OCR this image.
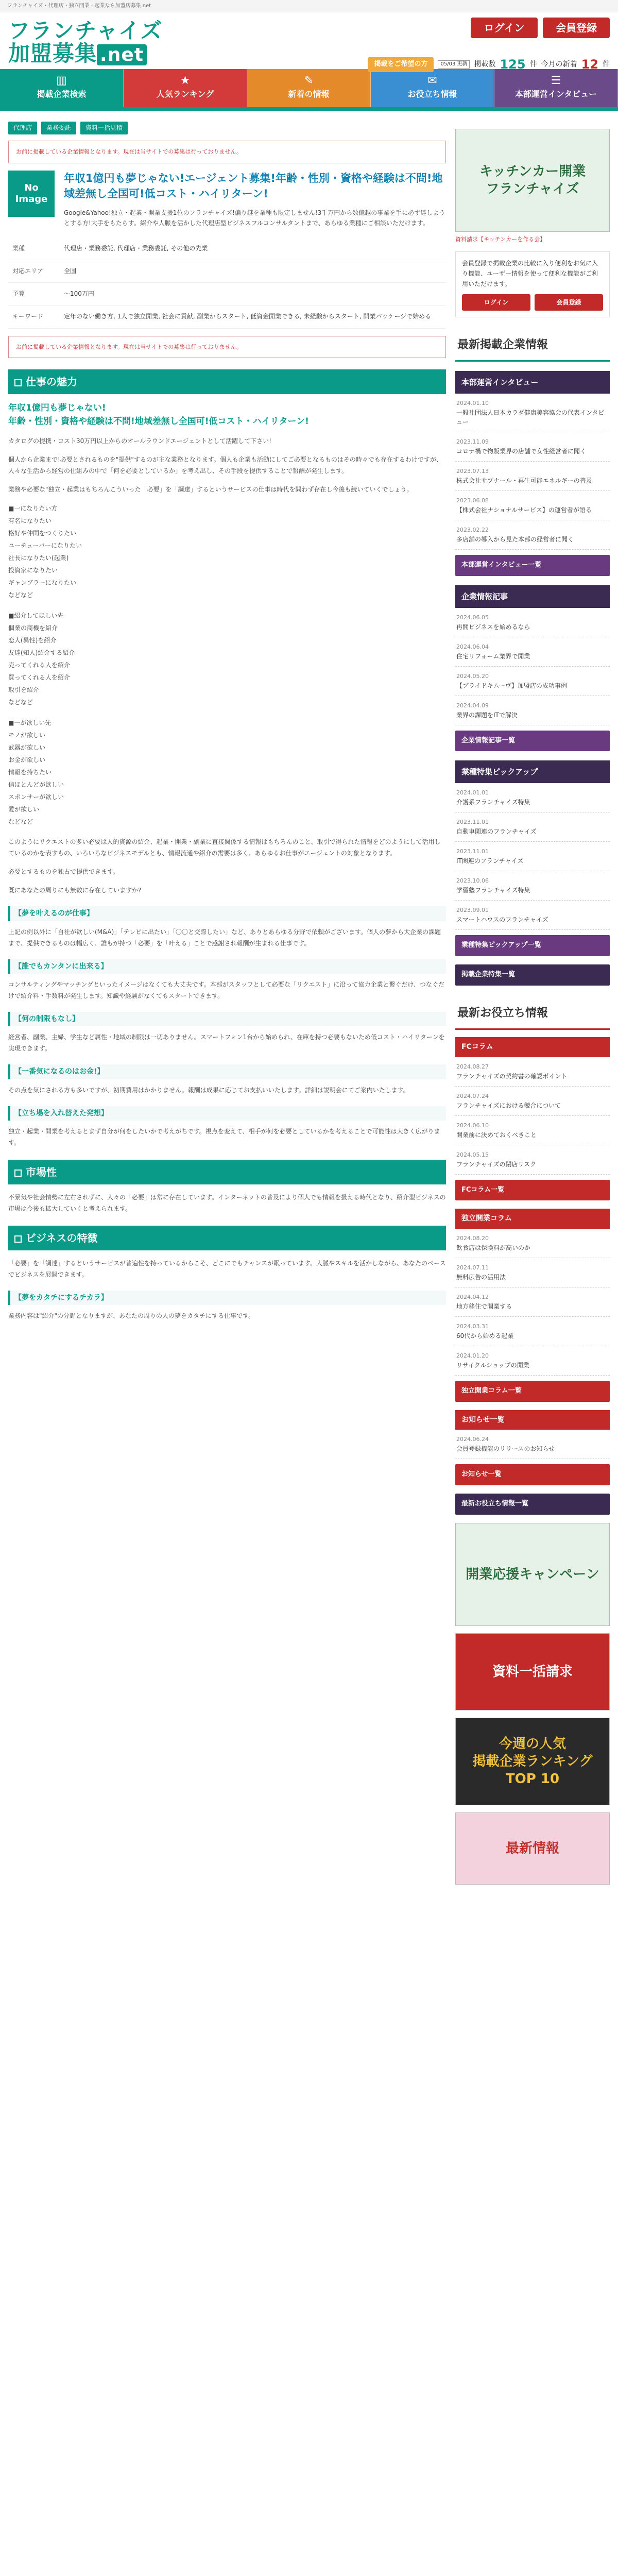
フランチャイズ・代理店・独立開業・起業なら加盟店募集.net
フランチャイズ
加盟募集 .net
ログイン	会員登録
掲載をご希望の方	05/03 更新 掲載数 125 件 今月の新着 12 件
▥
掲載企業検索
★
人気ランキング
✎
新着の情報
✉
お役立ち情報
☰
本部運営インタビュー
代理店	業務委託	資料一括見積
お前に掲載している企業情報となります。現在は当サイトでの募集は行っておりません。
No Image
年収1億円も夢じゃない!エージェント募集!年齢・性別・資格や経験は不問!地域差無し全国可!低コスト・ハイリターン!

Google&Yahoo!独立・起業・開業支援1位のフランチャイズ!偏り謎を業種も限定しません!3千万円から数億越の事業を手に必ず達しようとする方!大手をもたらす。紹介や人脈を活かした代理店型ビジネスフルコンサルタントまで、あらゆる業種にご相談いただけます。

業種	代理店・業務委託, 代理店・業務委託, その他の先業
対応エリア	全国
予算	〜100万円
キーワード	定年のない働き方, 1人で独立開業, 社会に貢献, 副業からスタート, 低資金開業できる, 未経験からスタート, 開業パッケージで始める
お前に掲載している企業情報となります。現在は当サイトでの募集は行っておりません。
仕事の魅力
年収1億円も夢じゃない!
年齢・性別・資格や経験は不問!地域差無し全国可!低コスト・ハイリターン!

カタログの提携・コスト30万円以上からのオールラウンドエージェントとして活躍して下さい!

個人から企業まで!必要とされるものを"提供"するのが主な業務となります。個人も企業も活動にしてご必要となるものはその時々でも存在するわけですが、人々な生活から経営の仕組みの中で「何を必要としているか」を考え出し、その手段を提供することで報酬が発生します。

業務や必要な"独立・起業はもちろんこういった「必要」を「調達」するというサービスの仕事は時代を問わず存在し今後も続いていくでしょう。

■一になりたい方
有名になりたい
格好や仲間をつくりたい
ユーチューバーになりたい
社長になりたい(起業)
投資家になりたい
ギャンブラーになりたい
などなど
■紹介してほしい先
個業の商機を紹介
恋人(異性)を紹介
友達(知人)紹介する紹介
売ってくれる人を紹介
買ってくれる人を紹介
取引を紹介
などなど
■一が欲しい先
モノが欲しい
武器が欲しい
お金が欲しい
情報を持ちたい
信ほとんどが欲しい
スポンサーが欲しい
愛が欲しい
などなど

このようにリクエストの多い必要は人的資源の紹介、起業・開業・副業に直接関係する情報はもちろんのこと、取引で得られた情報をどのようにして活用しているのかを表すもの、いろいろなビジネスモデルとも、情報流通や紹介の需要は多く、あらゆるお仕事がエージェントの対象となります。

必要とするものを独占で提供できます。

既にあなたの周りにも無数に存在していますか?

【夢を叶えるのが仕事】

上記の例以外に「自社が欲しい(M&A)」「テレビに出たい」「〇〇と交際したい」など、ありとあらゆる分野で依頼がございます。個人の夢から大企業の課題まで、提供できるものは幅広く、誰もが持つ「必要」を「叶える」ことで感謝され報酬が生まれる仕事です。

【誰でもカンタンに出来る】

コンサルティングやマッチングといったイメージはなくても大丈夫です。本部がスタッフとして必要な「リクエスト」に沿って協力企業と繋ぐだけ、つなぐだけで紹介料・手数料が発生します。知識や経験がなくてもスタートできます。

【何の制限もなし】

経営者、副業、主婦、学生など属性・地域の制限は一切ありません。スマートフォン1台から始められ、在庫を持つ必要もないため低コスト・ハイリターンを実現できます。

【一番気になるのはお金!】

その点を気にされる方も多いですが、初期費用はかかりません。報酬は成果に応じてお支払いいたします。詳細は説明会にてご案内いたします。

【立ち場を入れ替えた発想】

独立・起業・開業を考えるとまず自分が何をしたいかで考えがちです。視点を変えて、相手が何を必要としているかを考えることで可能性は大きく広がります。

市場性

不景気や社会情勢に左右されずに、人々の「必要」は常に存在しています。インターネットの普及により個人でも情報を扱える時代となり、紹介型ビジネスの市場は今後も拡大していくと考えられます。

ビジネスの特徴

「必要」を「調達」するというサービスが普遍性を持っているからこそ、どこにでもチャンスが眠っています。人脈やスキルを活かしながら、あなたのペースでビジネスを展開できます。

【夢をカタチにするチカラ】

業務内容は"紹介"の分野となりますが、あなたの周りの人の夢をカタチにする仕事です。

キッチンカー開業
フランチャイズ
資料請求【キッチンカーを作る会】
会員登録で掲載企業の比較に入り便利をお気に入り機能、ユーザー情報を使って便利な機能がご利用いただけます。
ログイン	会員登録
最新掲載企業情報
本部運営インタビュー
2024.01.10
一般社団法人日本カラダ健康美容協会の代表インタビュー
2023.11.09
コロナ禍で物販業界の店舗で女性経営者に聞く
2023.07.13
株式会社サプナール・再生可能エネルギーの普及
2023.06.08
【株式会社ナショナルサービス】の運営者が語る
2023.02.22
多店舗の導入から見た本部の経営者に聞く
本部運営インタビュー一覧
企業情報記事
2024.06.05
再開ビジネスを始めるなら
2024.06.04
住宅リフォーム業界で開業
2024.05.20
【プライドキムーヴ】加盟店の成功事例
2024.04.09
業界の課題をITで解決
企業情報記事一覧
業種特集ピックアップ
2024.01.01
介護系フランチャイズ特集
2023.11.01
自動車関連のフランチャイズ
2023.11.01
IT関連のフランチャイズ
2023.10.06
学習塾フランチャイズ特集
2023.09.01
スマートハウスのフランチャイズ
業種特集ピックアップ一覧
掲載企業特集一覧
最新お役立ち情報
FCコラム
2024.08.27
フランチャイズの契約書の確認ポイント
2024.07.24
フランチャイズにおける競合について
2024.06.10
開業前に決めておくべきこと
2024.05.15
フランチャイズの閉店リスク
FCコラム一覧
独立開業コラム
2024.08.20
飲食店は保険料が高いのか
2024.07.11
無料広告の活用法
2024.04.12
地方移住で開業する
2024.03.31
60代から始める起業
2024.01.20
リサイクルショップの開業
独立開業コラム一覧
お知らせ一覧
2024.06.24
会員登録機能のリリースのお知らせ
お知らせ一覧
最新お役立ち情報一覧
開業応援キャンペーン
資料一括請求
今週の人気
掲載企業ランキング
TOP 10
最新情報
